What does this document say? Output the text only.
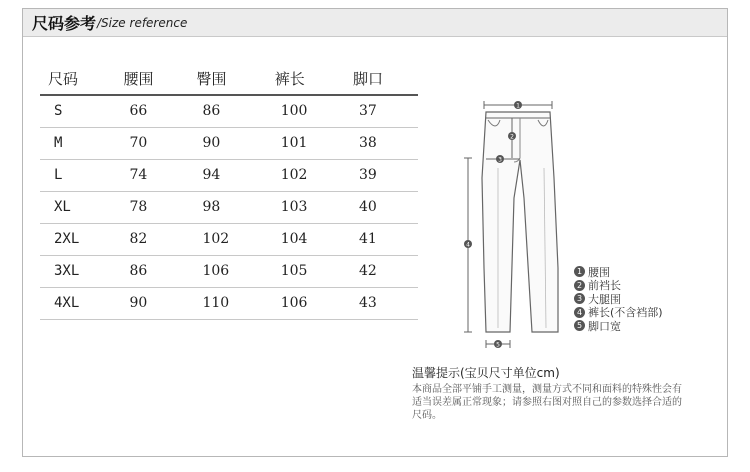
尺码参考 /Size reference
尺码	腰围	臀围	裤长	脚口
S	66	86	100	37
M	70	90	101	38
L	74	94	102	39
XL	78	98	103	40
2XL	82	102	104	41
3XL	86	106	105	42
4XL	90	110	106	43
1
2
3
4
5
1 腰围
2 前裆长
3 大腿围
4 裤长(不含裆部)
5 脚口宽
温馨提示(宝贝尺寸单位cm)
本商品全部平铺手工测量，测量方式不同和面料的特殊性会有适当误差属正常现象；请参照右图对照自己的参数选择合适的尺码。
